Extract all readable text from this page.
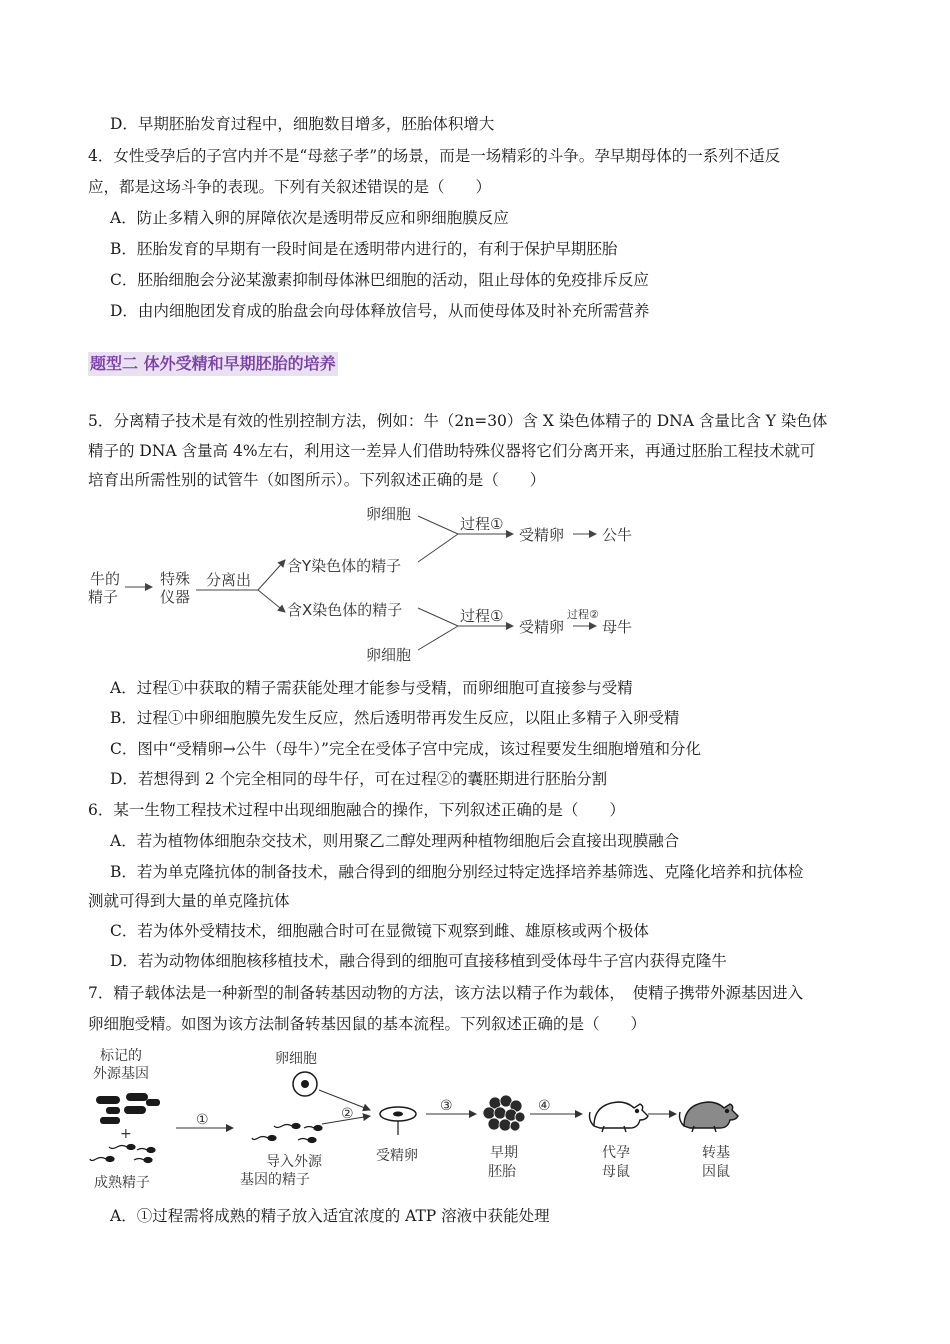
D．早期胚胎发育过程中，细胞数目增多，胚胎体积增大
4．女性受孕后的子宫内并不是“母慈子孝”的场景，而是一场精彩的斗争。孕早期母体的一系列不适反
应，都是这场斗争的表现。下列有关叙述错误的是（　　）
A．防止多精入卵的屏障依次是透明带反应和卵细胞膜反应
B．胚胎发育的早期有一段时间是在透明带内进行的，有利于保护早期胚胎
C．胚胎细胞会分泌某激素抑制母体淋巴细胞的活动，阻止母体的免疫排斥反应
D．由内细胞团发育成的胎盘会向母体释放信号，从而使母体及时补充所需营养
题型二 体外受精和早期胚胎的培养
5．分离精子技术是有效的性别控制方法，例如：牛（2n=30）含 X 染色体精子的 DNA 含量比含 Y 染色体
精子的 DNA 含量高 4%左右，利用这一差异人们借助特殊仪器将它们分离开来，再通过胚胎工程技术就可
培育出所需性别的试管牛（如图所示）。下列叙述正确的是（　　）
卵细胞
过程①
受精卵	公牛
牛的
精子
特殊
仪器
分离出
含Y染色体的精子
含X染色体的精子	过程①
受精卵
过程②
母牛
卵细胞
A．过程①中获取的精子需获能处理才能参与受精，而卵细胞可直接参与受精
B．过程①中卵细胞膜先发生反应，然后透明带再发生反应，以阻止多精子入卵受精
C．图中“受精卵→公牛（母牛）”完全在受体子宫中完成，该过程要发生细胞增殖和分化
D．若想得到 2 个完全相同的母牛仔，可在过程②的囊胚期进行胚胎分割
6．某一生物工程技术过程中出现细胞融合的操作，下列叙述正确的是（　　）
A．若为植物体细胞杂交技术，则用聚乙二醇处理两种植物细胞后会直接出现膜融合
B．若为单克隆抗体的制备技术，融合得到的细胞分别经过特定选择培养基筛选、克隆化培养和抗体检
测就可得到大量的单克隆抗体
C．若为体外受精技术，细胞融合时可在显微镜下观察到雌、雄原核或两个极体
D．若为动物体细胞核移植技术，融合得到的细胞可直接移植到受体母牛子宫内获得克隆牛
7．精子载体法是一种新型的制备转基因动物的方法，该方法以精子作为载体，　使精子携带外源基因进入
卵细胞受精。如图为该方法制备转基因鼠的基本流程。下列叙述正确的是（　　）
标记的
外源基因
+
成熟精子
①
卵细胞
②
导入外源
基因的精子
受精卵
③
早期
胚胎
④
代孕
母鼠
转基
因鼠
A．①过程需将成熟的精子放入适宜浓度的 ATP 溶液中获能处理
